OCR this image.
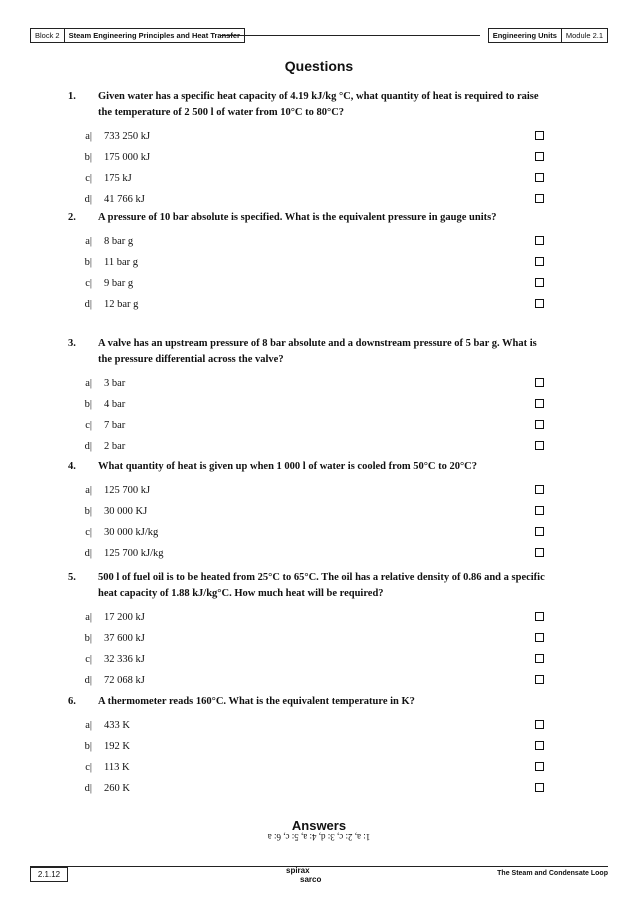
Block 2	Steam Engineering Principles and Heat Transfer	Engineering Units	Module 2.1
Questions
1.	Given water has a specific heat capacity of 4.19 kJ/kg °C, what quantity of heat is required to raise the temperature of 2 500 l of water from 10°C to 80°C?
a| 733 250 kJ
b| 175 000 kJ
c| 175 kJ
d| 41 766 kJ
2.	A pressure of 10 bar absolute is specified. What is the equivalent pressure in gauge units?
a| 8 bar g
b| 11 bar g
c| 9 bar g
d| 12 bar g
3.	A valve has an upstream pressure of 8 bar absolute and a downstream pressure of 5 bar g. What is the pressure differential across the valve?
a| 3 bar
b| 4 bar
c| 7 bar
d| 2 bar
4.	What quantity of heat is given up when 1 000 l of water is cooled from 50°C to 20°C?
a| 125 700 kJ
b| 30 000 KJ
c| 30 000 kJ/kg
d| 125 700 kJ/kg
5.	500 l of fuel oil is to be heated from 25°C to 65°C. The oil has a relative density of 0.86 and a specific heat capacity of 1.88 kJ/kg°C. How much heat will be required?
a| 17 200 kJ
b| 37 600 kJ
c| 32 336 kJ
d| 72 068 kJ
6.	A thermometer reads 160°C. What is the equivalent temperature in K?
a| 433 K
b| 192 K
c| 113 K
d| 260 K
Answers
1: a, 2: c, 3: d, 4: a, 5: c, 6: a
2.1.12	spirax
sarco
The Steam and Condensate Loop
